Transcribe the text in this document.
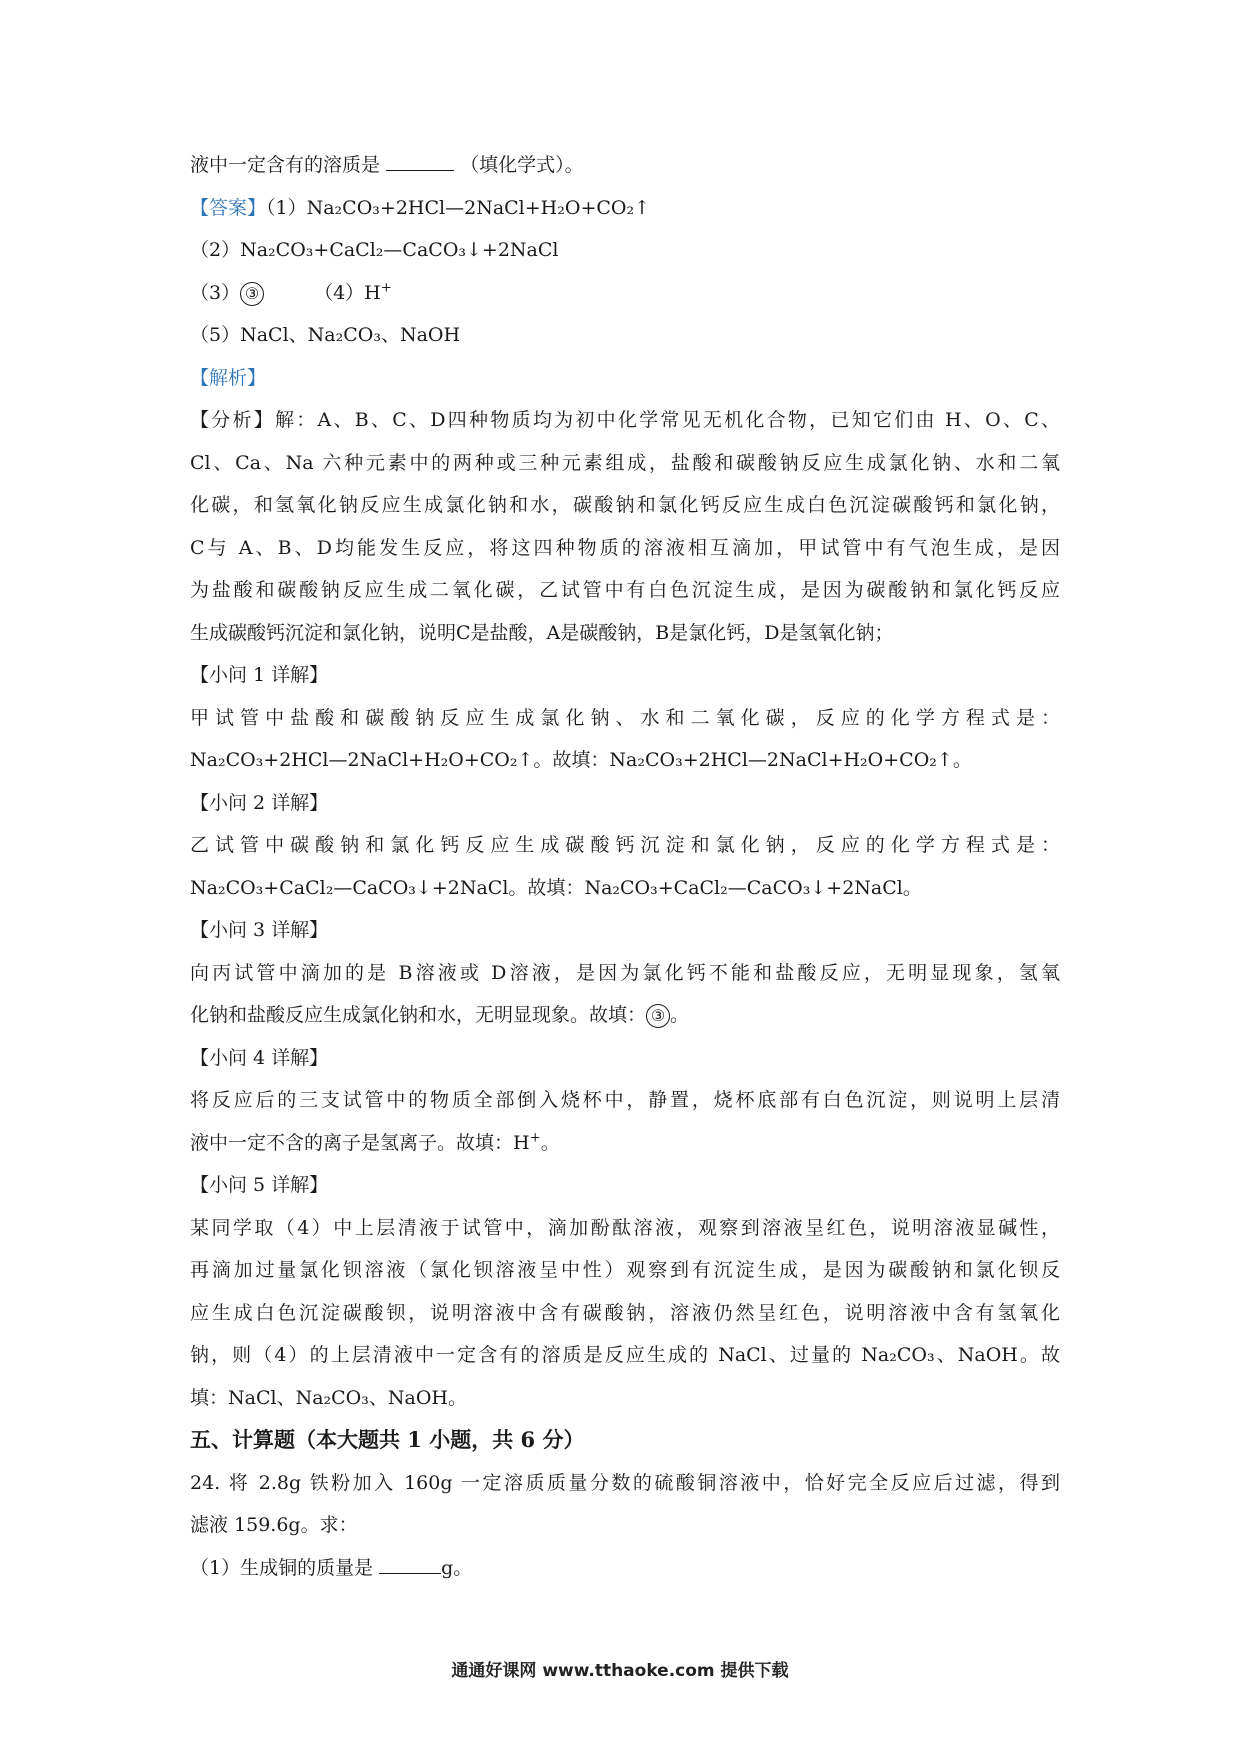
液中一定含有的溶质是	（填化学式）。

【答案】（1）Na₂CO₃+2HCl—2NaCl+H₂O+CO₂↑

（2）Na₂CO₃+CaCl₂—CaCO₃↓+2NaCl

（3） ③	（4）H+

（5）NaCl、Na₂CO₃、NaOH

【解析】

【分析】解：A、B、C、D四种物质均为初中化学常见无机化合物，已知它们由 H、O、C、

Cl、Ca、Na 六种元素中的两种或三种元素组成，盐酸和碳酸钠反应生成氯化钠、水和二氧

化碳，和氢氧化钠反应生成氯化钠和水，碳酸钠和氯化钙反应生成白色沉淀碳酸钙和氯化钠，

C与 A、B、D均能发生反应，将这四种物质的溶液相互滴加，甲试管中有气泡生成，是因

为盐酸和碳酸钠反应生成二氧化碳，乙试管中有白色沉淀生成，是因为碳酸钠和氯化钙反应

生成碳酸钙沉淀和氯化钠，说明C是盐酸，A是碳酸钠，B是氯化钙，D是氢氧化钠；

【小问 1 详解】

甲试管中盐酸和碳酸钠反应生成氯化钠、水和二氧化碳，反应的化学方程式是：

Na₂CO₃+2HCl—2NaCl+H₂O+CO₂↑。故填：Na₂CO₃+2HCl—2NaCl+H₂O+CO₂↑。

【小问 2 详解】

乙试管中碳酸钠和氯化钙反应生成碳酸钙沉淀和氯化钠，反应的化学方程式是：

Na₂CO₃+CaCl₂—CaCO₃↓+2NaCl。故填：Na₂CO₃+CaCl₂—CaCO₃↓+2NaCl。

【小问 3 详解】

向丙试管中滴加的是 B溶液或 D溶液，是因为氯化钙不能和盐酸反应，无明显现象，氢氧

化钠和盐酸反应生成氯化钠和水，无明显现象。故填： ③ 。

【小问 4 详解】

将反应后的三支试管中的物质全部倒入烧杯中，静置，烧杯底部有白色沉淀，则说明上层清

液中一定不含的离子是氢离子。故填：H+。

【小问 5 详解】

某同学取（4）中上层清液于试管中，滴加酚酞溶液，观察到溶液呈红色，说明溶液显碱性，

再滴加过量氯化钡溶液（氯化钡溶液呈中性）观察到有沉淀生成，是因为碳酸钠和氯化钡反

应生成白色沉淀碳酸钡，说明溶液中含有碳酸钠，溶液仍然呈红色，说明溶液中含有氢氧化

钠，则（4）的上层清液中一定含有的溶质是反应生成的 NaCl、过量的 Na₂CO₃、NaOH。故

填：NaCl、Na₂CO₃、NaOH。

五、计算题（本大题共 1 小题，共 6 分）

24. 将 2.8g 铁粉加入 160g 一定溶质质量分数的硫酸铜溶液中，恰好完全反应后过滤，得到

滤液 159.6g。求：

（1）生成铜的质量是	g。

通通好课网 www.tthaoke.com 提供下载
